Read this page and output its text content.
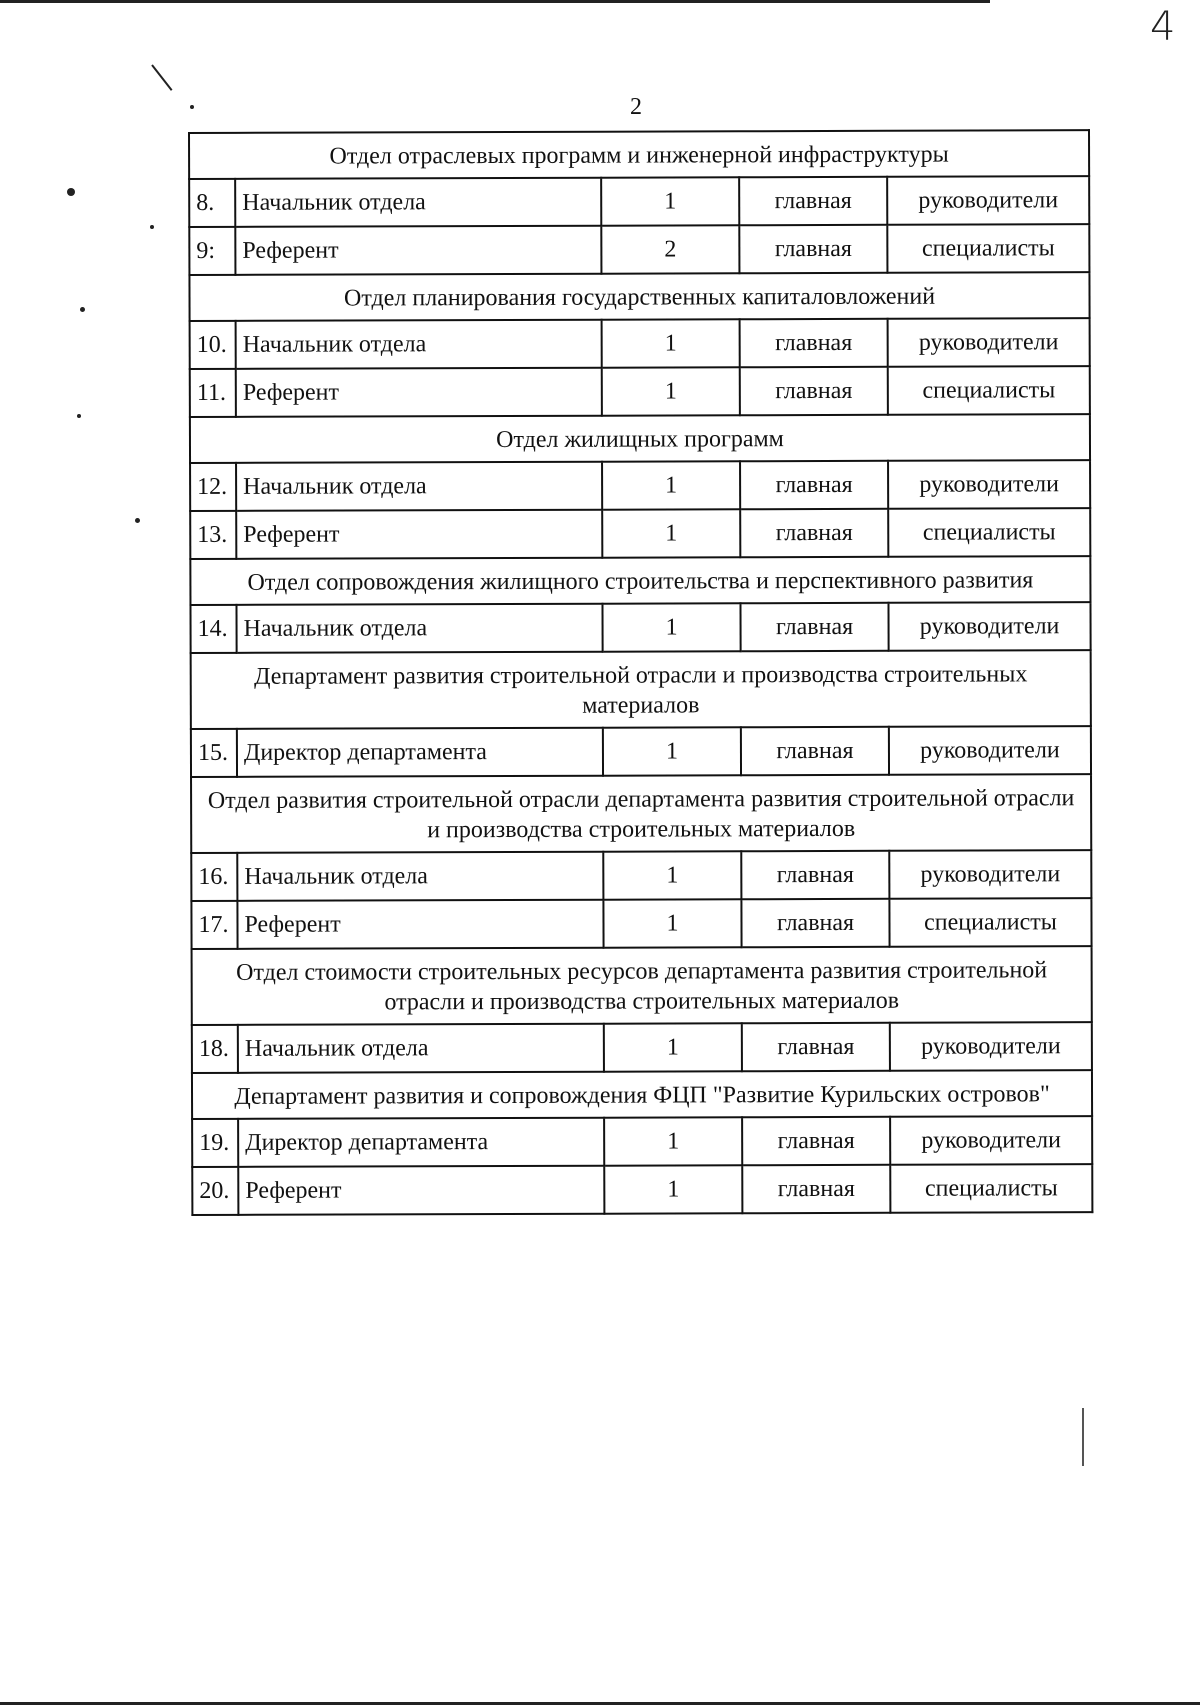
4
2
Отдел отраслевых программ и инженерной инфраструктуры				
8.	Начальник отдела	1	главная	руководители
9:	Референт	2	главная	специалисты
Отдел планирования государственных капиталовложений				
10.	Начальник отдела	1	главная	руководители
11.	Референт	1	главная	специалисты
Отдел жилищных программ				
12.	Начальник отдела	1	главная	руководители
13.	Референт	1	главная	специалисты
Отдел сопровождения жилищного строительства и перспективного развития				
14.	Начальник отдела	1	главная	руководители
Департамент развития строительной отрасли и производства строительных материалов				
15.	Директор департамента	1	главная	руководители
Отдел развития строительной отрасли департамента развития строительной отрасли и производства строительных материалов				
16.	Начальник отдела	1	главная	руководители
17.	Референт	1	главная	специалисты
Отдел стоимости строительных ресурсов департамента развития строительной отрасли и производства строительных материалов				
18.	Начальник отдела	1	главная	руководители
Департамент развития и сопровождения ФЦП "Развитие Курильских островов"				
19.	Директор департамента	1	главная	руководители
20.	Референт	1	главная	специалисты
